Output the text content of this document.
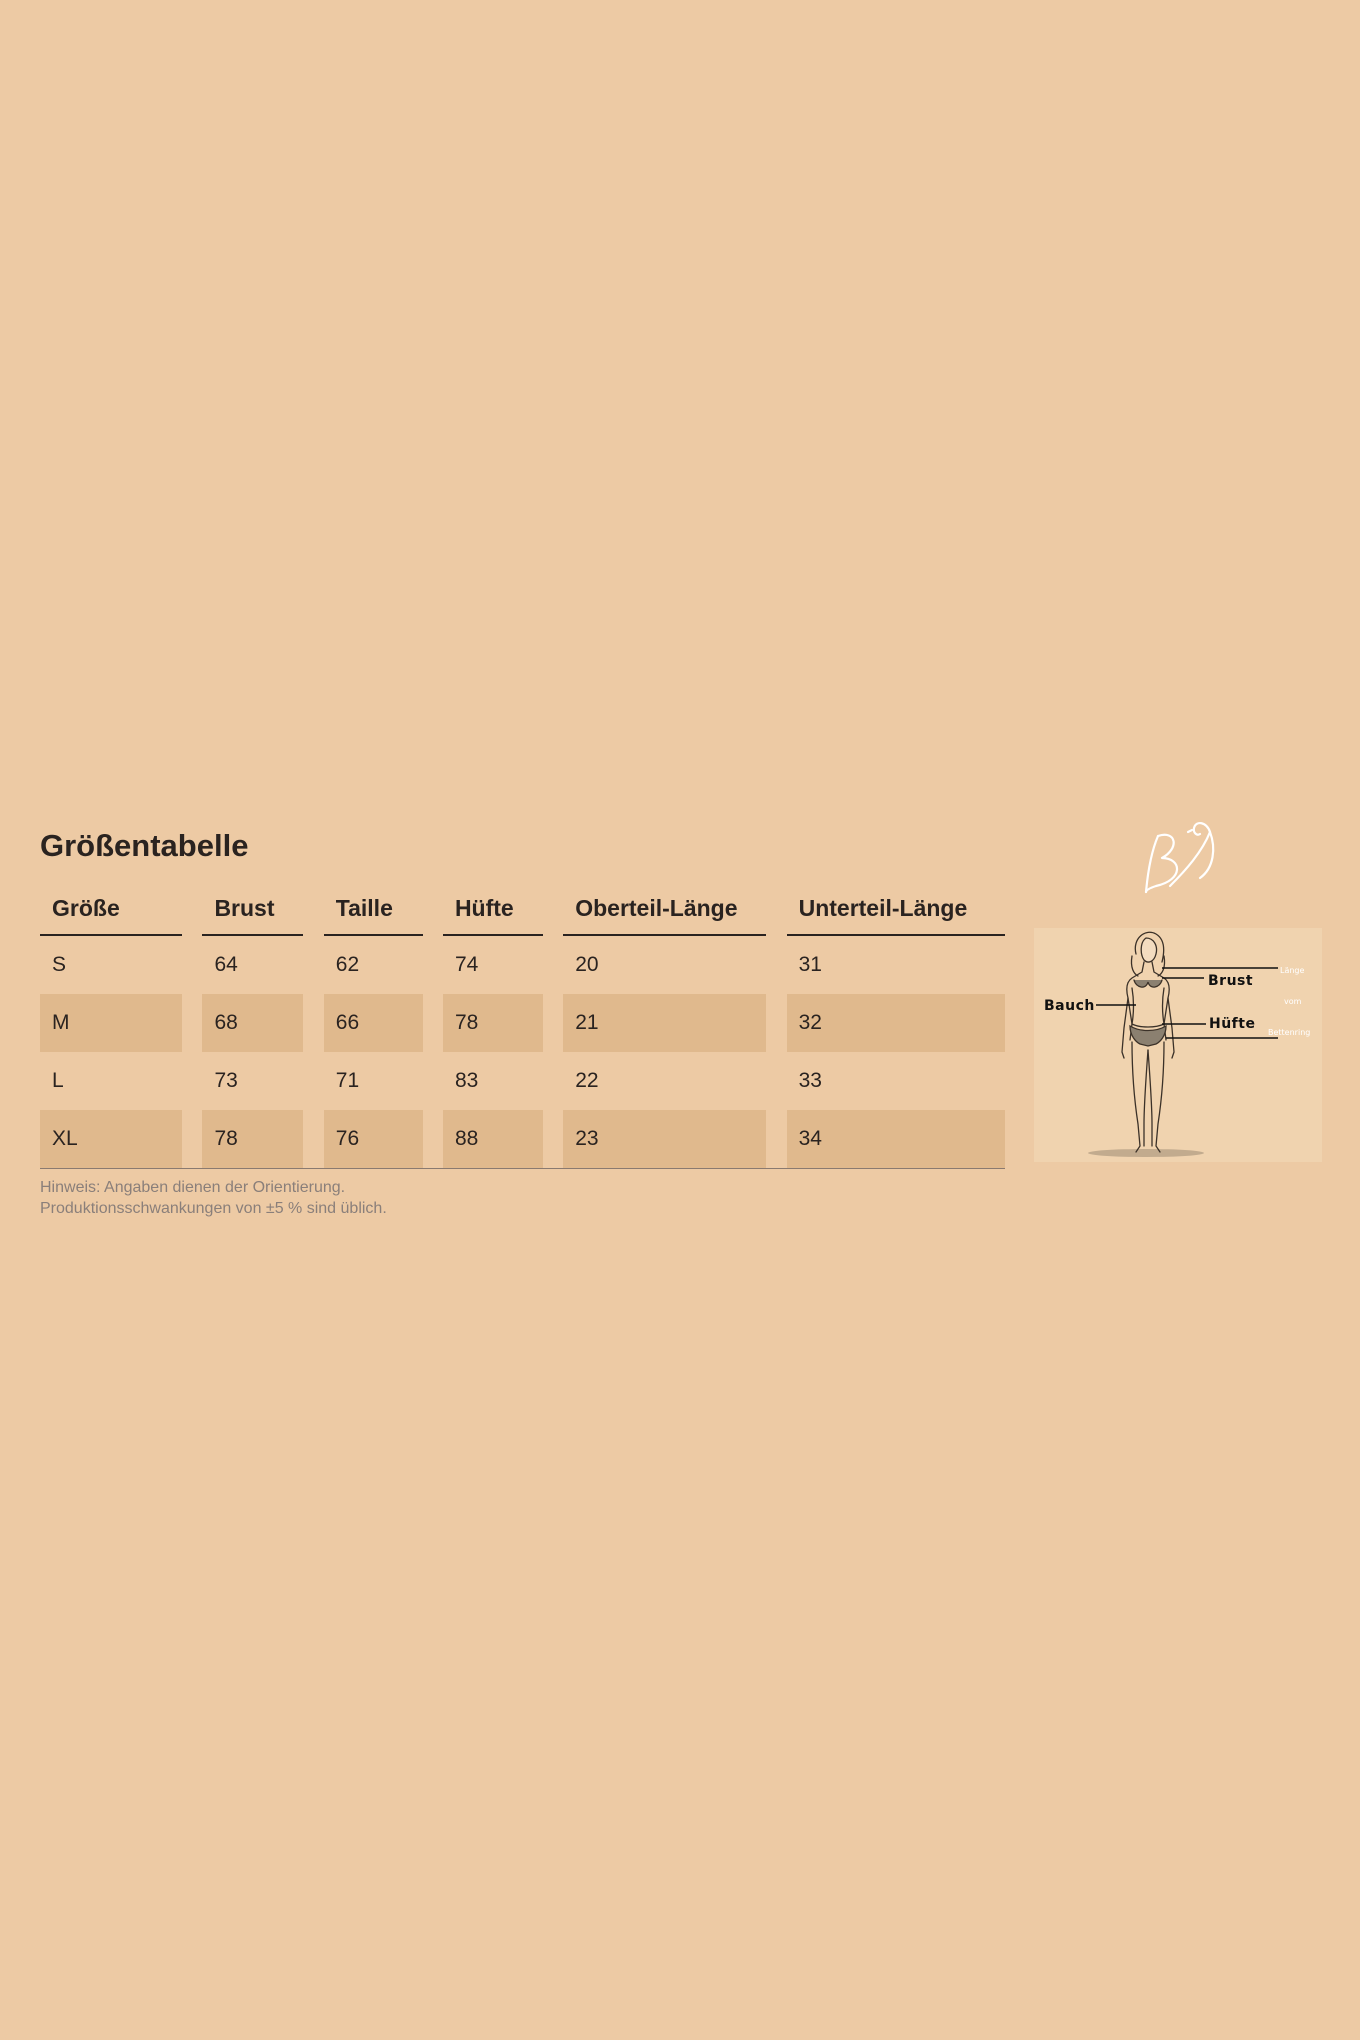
Größentabelle
Brust
Bauch
Hüfte
Länge
vom
Bettenring
Größe		Brust		Taille		Hüfte		Oberteil-Länge		Unterteil-Länge
S		64		62		74		20		31
M		68		66		78		21		32
L		73		71		83		22		33
XL		78		76		88		23		34

Hinweis: Angaben dienen der Orientierung.
Produktionsschwankungen von ±5 % sind üblich.
